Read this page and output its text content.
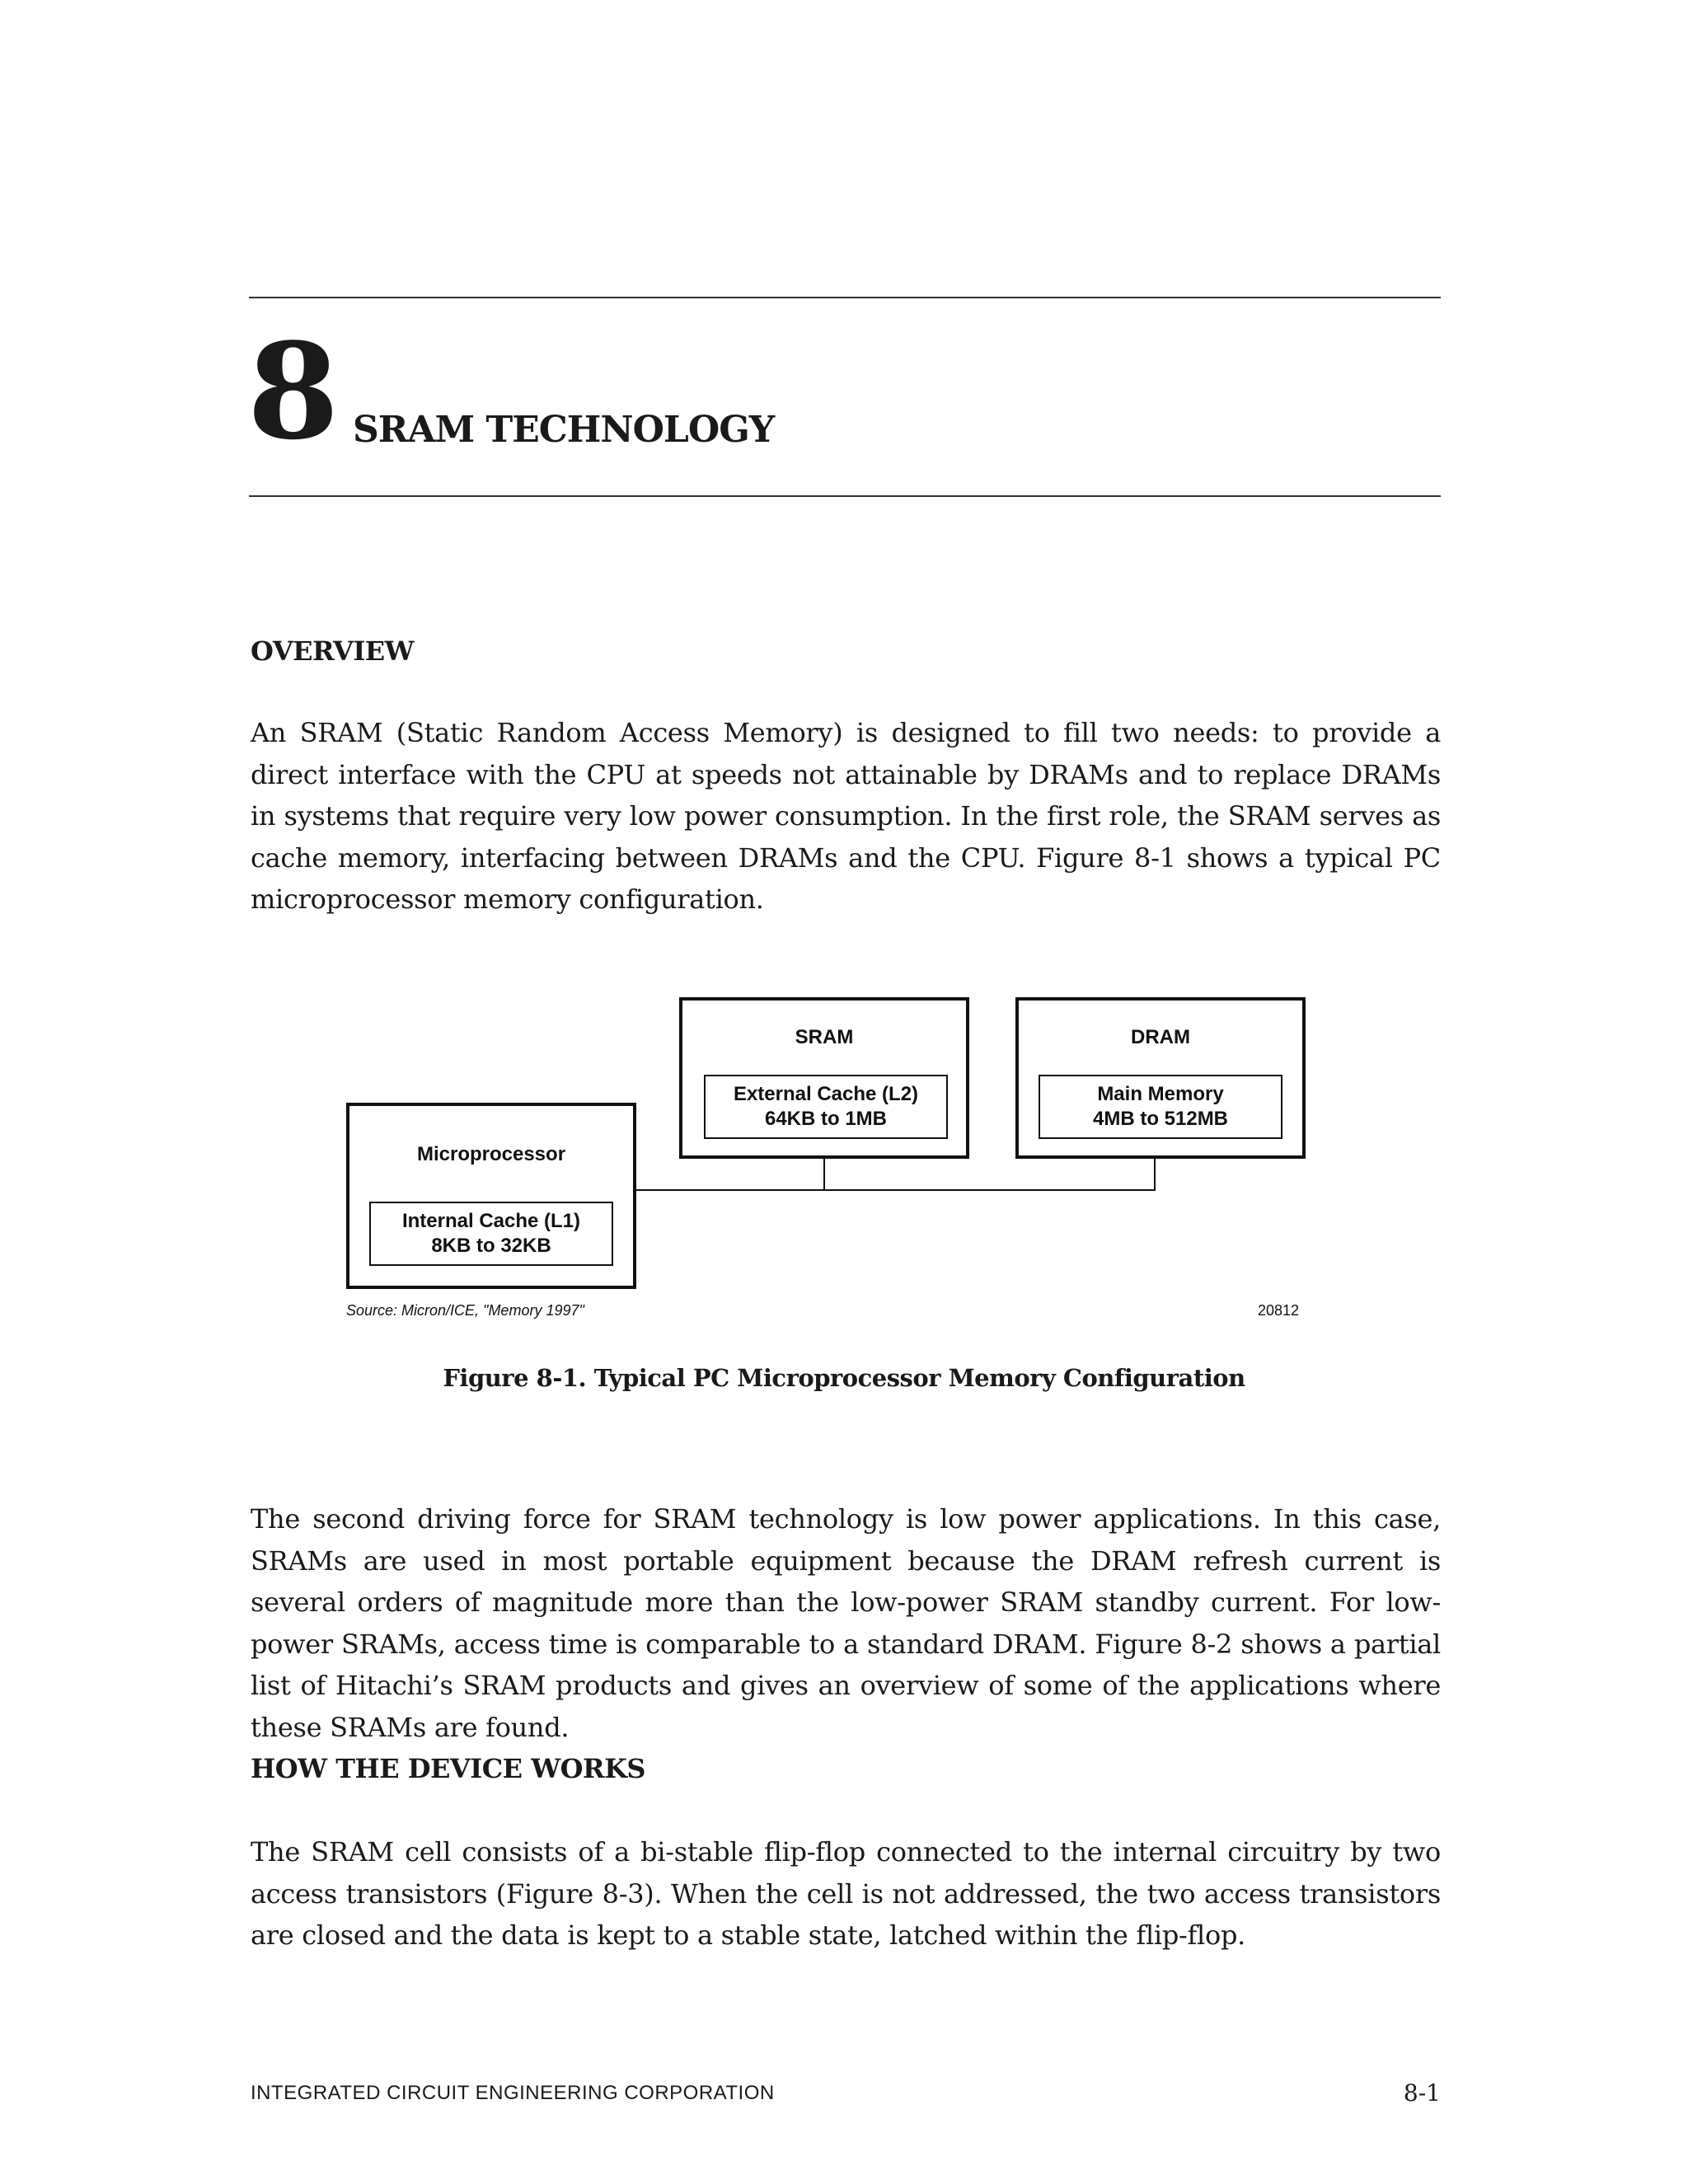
8 SRAM TECHNOLOGY
OVERVIEW

An SRAM (Static Random Access Memory) is designed to fill two needs: to provide a direct interface with the CPU at speeds not attainable by DRAMs and to replace DRAMs in systems that require very low power consumption. In the first role, the SRAM serves as cache memory, interfacing between DRAMs and the CPU. Figure 8-1 shows a typical PC microprocessor memory configuration.

Microprocessor
Internal Cache (L1)
8KB to 32KB
SRAM
External Cache (L2)
64KB to 1MB
DRAM
Main Memory
4MB to 512MB
Source: Micron/ICE, "Memory 1997"	20812
Figure 8-1. Typical PC Microprocessor Memory Configuration

The second driving force for SRAM technology is low power applications. In this case, SRAMs are used in most portable equipment because the DRAM refresh current is several orders of magnitude more than the low-power SRAM standby current. For low-power SRAMs, access time is comparable to a standard DRAM. Figure 8-2 shows a partial list of Hitachi’s SRAM products and gives an overview of some of the applications where these SRAMs are found.

HOW THE DEVICE WORKS

The SRAM cell consists of a bi-stable flip-flop connected to the internal circuitry by two access transistors (Figure 8-3). When the cell is not addressed, the two access transistors are closed and the data is kept to a stable state, latched within the flip-flop.

INTEGRATED CIRCUIT ENGINEERING CORPORATION	8-1
